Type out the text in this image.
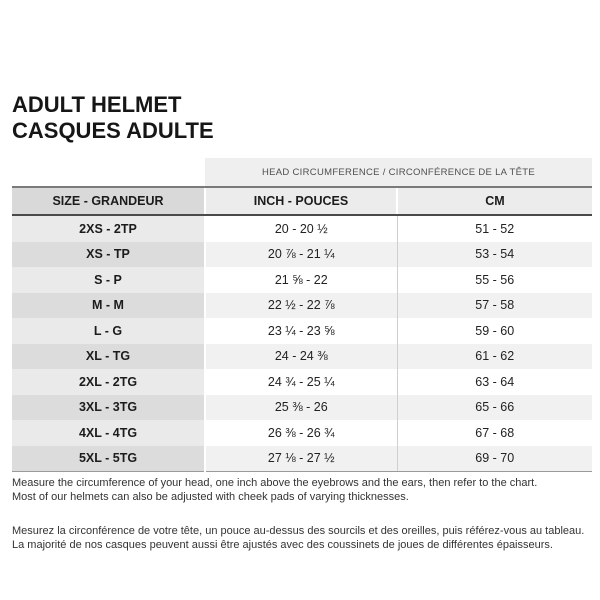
ADULT HELMET
CASQUES ADULTE
HEAD CIRCUMFERENCE / CIRCONFÉRENCE DE LA TÊTE
SIZE - GRANDEUR	INCH - POUCES	CM
2XS - 2TP	20 - 20 ½	51 - 52
XS - TP	20 ⅞ - 21 ¼	53 - 54
S - P	21 ⅝ - 22	55 - 56
M - M	22 ½ - 22 ⅞	57 - 58
L - G	23 ¼ - 23 ⅝	59 - 60
XL - TG	24 - 24 ⅜	61 - 62
2XL - 2TG	24 ¾ - 25 ¼	63 - 64
3XL - 3TG	25 ⅜ - 26	65 - 66
4XL - 4TG	26 ⅜ - 26 ¾	67 - 68
5XL - 5TG	27 ⅛ - 27 ½	69 - 70
Measure the circumference of your head, one inch above the eyebrows and the ears, then refer to the chart.
Most of our helmets can also be adjusted with cheek pads of varying thicknesses.
Mesurez la circonférence de votre tête, un pouce au-dessus des sourcils et des oreilles, puis référez-vous au tableau.
La majorité de nos casques peuvent aussi être ajustés avec des coussinets de joues de différentes épaisseurs.
